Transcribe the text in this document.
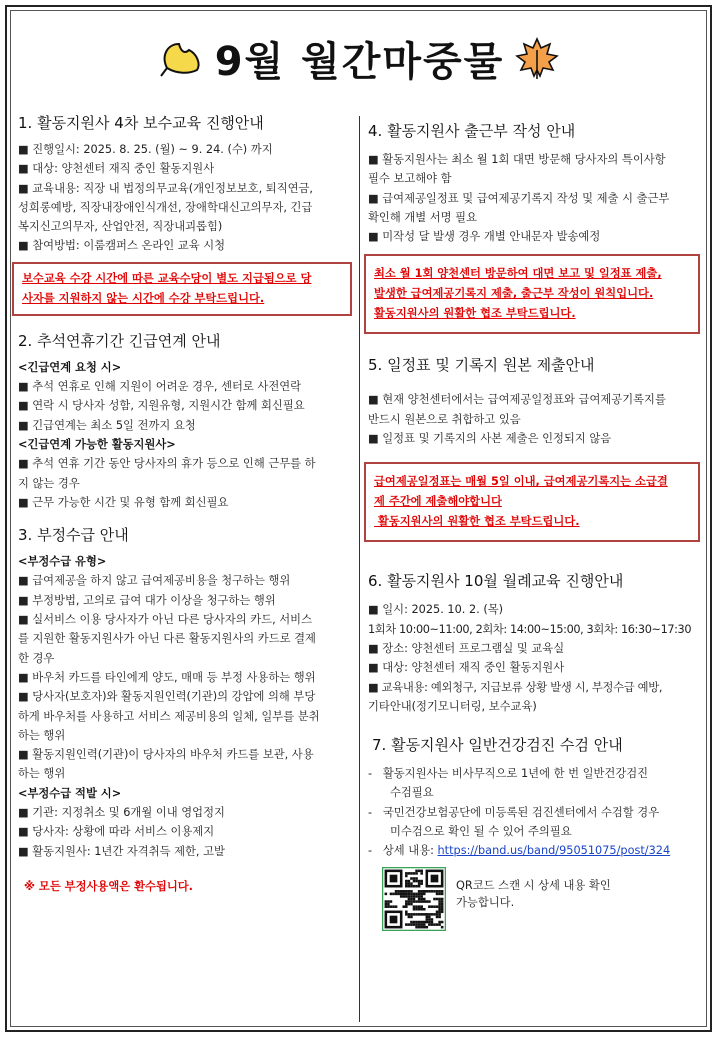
9월 월간마중물

1. 활동지원사 4차 보수교육 진행안내

■ 진행일시: 2025. 8. 25. (월) ~ 9. 24. (수) 까지

■ 대상: 양천센터 재직 중인 활동지원사

■ 교육내용: 직장 내 법정의무교육(개인정보보호, 퇴직연금,

성희롱예방, 직장내장애인식개선, 장애학대신고의무자, 긴급

복지신고의무자, 산업안전, 직장내괴롭힘)

■ 참여방법: 이룸캠퍼스 온라인 교육 시청

보수교육 수강 시간에 따른 교육수당이 별도 지급됨으로 당

사자를 지원하지 않는 시간에 수강 부탁드립니다.

2. 추석연휴기간 긴급연계 안내

<긴급연계 요청 시>

■ 추석 연휴로 인해 지원이 어려운 경우, 센터로 사전연락

■ 연락 시 당사자 성함, 지원유형, 지원시간 함께 회신필요

■ 긴급연계는 최소 5일 전까지 요청

<긴급연계 가능한 활동지원사>

■ 추석 연휴 기간 동안 당사자의 휴가 등으로 인해 근무를 하

지 않는 경우

■ 근무 가능한 시간 및 유형 함께 회신필요

3. 부정수급 안내

<부정수급 유형>

■ 급여제공을 하지 않고 급여제공비용을 청구하는 행위

■ 부정방법, 고의로 급여 대가 이상을 청구하는 행위

■ 실서비스 이용 당사자가 아닌 다른 당사자의 카드, 서비스

를 지원한 활동지원사가 아닌 다른 활동지원사의 카드로 결제

한 경우

■ 바우처 카드를 타인에게 양도, 매매 등 부정 사용하는 행위

■ 당사자(보호자)와 활동지원인력(기관)의 강압에 의해 부당

하게 바우처를 사용하고 서비스 제공비용의 일체, 일부를 분취

하는 행위

■ 활동지원인력(기관)이 당사자의 바우처 카드를 보관, 사용

하는 행위

<부정수급 적발 시>

■ 기관: 지정취소 및 6개월 이내 영업정지

■ 당사자: 상황에 따라 서비스 이용제지

■ 활동지원사: 1년간 자격취득 제한, 고발

※ 모든 부정사용액은 환수됩니다.

4. 활동지원사 출근부 작성 안내

■ 활동지원사는 최소 월 1회 대면 방문해 당사자의 특이사항

필수 보고해야 함

■ 급여제공일정표 및 급여제공기록지 작성 및 제출 시 출근부

확인해 개별 서명 필요

■ 미작성 달 발생 경우 개별 안내문자 발송예정

최소 월 1회 양천센터 방문하여 대면 보고 및 일정표 제출,

발생한 급여제공기록지 제출, 출근부 작성이 원칙입니다.

활동지원사의 원활한 협조 부탁드립니다.

5. 일정표 및 기록지 원본 제출안내

■ 현재 양천센터에서는 급여제공일정표와 급여제공기록지를

반드시 원본으로 취합하고 있음

■ 일정표 및 기록지의 사본 제출은 인정되지 않음

급여제공일정표는 매월 5일 이내, 급여제공기록지는 소급결

제 주간에 제출해야합니다

활동지원사의 원활한 협조 부탁드립니다.

6. 활동지원사 10월 월례교육 진행안내

■ 일시: 2025. 10. 2. (목)

1회차 10:00~11:00, 2회차: 14:00~15:00, 3회차: 16:30~17:30

■ 장소: 양천센터 프로그램실 및 교육실

■ 대상: 양천센터 재직 중인 활동지원사

■ 교육내용: 예외청구, 지급보류 상황 발생 시, 부정수급 예방,

기타안내(정기모니터링, 보수교육)

7. 활동지원사 일반건강검진 수검 안내

-   활동지원사는 비사무직으로 1년에 한 번 일반건강검진

수검필요

-   국민건강보험공단에 미등록된 검진센터에서 수검할 경우

미수검으로 확인 될 수 있어 주의필요

-   상세 내용: https://band.us/band/95051075/post/324

QR코드 스캔 시 상세 내용 확인
가능합니다.
